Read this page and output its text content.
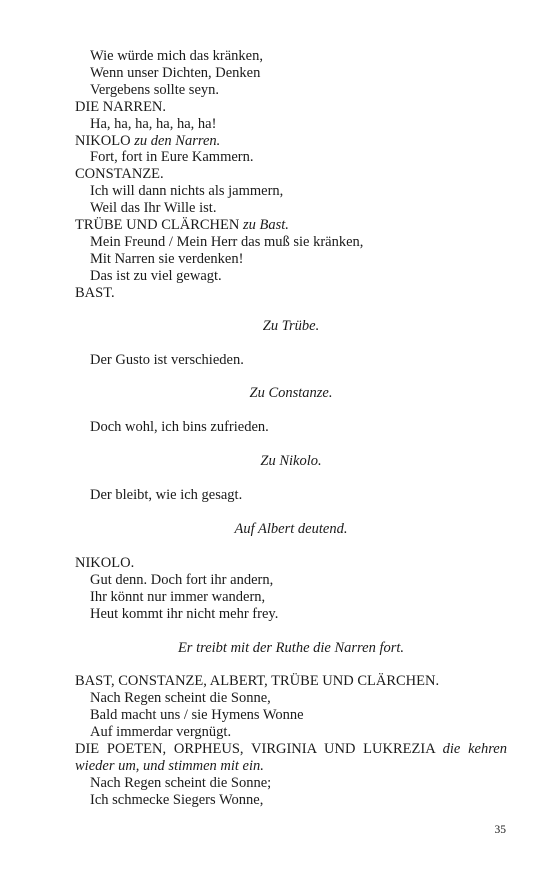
Wie würde mich das kränken,
Wenn unser Dichten, Denken
Vergebens sollte seyn.
DIE NARREN.
Ha, ha, ha, ha, ha, ha!
NIKOLO zu den Narren.
Fort, fort in Eure Kammern.
CONSTANZE.
Ich will dann nichts als jammern,
Weil das Ihr Wille ist.
TRÜBE UND CLÄRCHEN zu Bast.
Mein Freund / Mein Herr das muß sie kränken,
Mit Narren sie verdenken!
Das ist zu viel gewagt.
BAST.
Zu Trübe.
Der Gusto ist verschieden.
Zu Constanze.
Doch wohl, ich bins zufrieden.
Zu Nikolo.
Der bleibt, wie ich gesagt.
Auf Albert deutend.
NIKOLO.
Gut denn. Doch fort ihr andern,
Ihr könnt nur immer wandern,
Heut kommt ihr nicht mehr frey.
Er treibt mit der Ruthe die Narren fort.
BAST, CONSTANZE, ALBERT, TRÜBE UND CLÄRCHEN.
Nach Regen scheint die Sonne,
Bald macht uns / sie Hymens Wonne
Auf immerdar vergnügt.
DIE POETEN, ORPHEUS, VIRGINIA UND LUKREZIA die kehren wieder um, und stimmen mit ein.
Nach Regen scheint die Sonne;
Ich schmecke Siegers Wonne,
35
